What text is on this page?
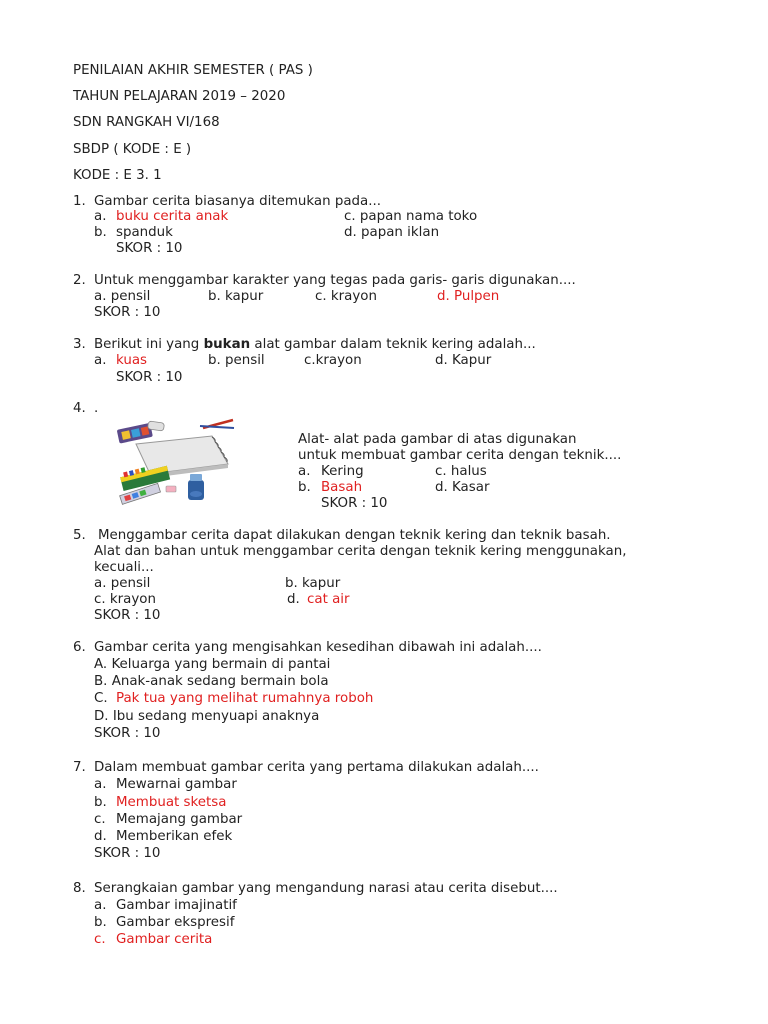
PENILAIAN AKHIR SEMESTER ( PAS )
TAHUN PELAJARAN 2019 – 2020
SDN RANGKAH VI/168
SBDP ( KODE : E )
KODE : E 3. 1
1. Gambar cerita biasanya ditemukan pada...
a. buku cerita anak	c. papan nama toko
b. spanduk	d. papan iklan
SKOR : 10
2. Untuk menggambar karakter yang tegas pada garis- garis digunakan....
a. pensil	b. kapur	c. krayon	d. Pulpen
SKOR : 10
3. Berikut ini yang bukan alat gambar dalam teknik kering adalah...
a. kuas	b. pensil	c.krayon	d. Kapur
SKOR : 10
4. .
Alat- alat pada gambar di atas digunakan
untuk membuat gambar cerita dengan teknik....
a. Kering	c. halus
b. Basah	d. Kasar
SKOR : 10
5. Menggambar cerita dapat dilakukan dengan teknik kering dan teknik basah.
Alat dan bahan untuk menggambar cerita dengan teknik kering menggunakan,
kecuali...
a. pensil	b. kapur
c. krayon	d. cat air
SKOR : 10
6. Gambar cerita yang mengisahkan kesedihan dibawah ini adalah....
A. Keluarga yang bermain di pantai
B. Anak-anak sedang bermain bola
C. Pak tua yang melihat rumahnya roboh
D. Ibu sedang menyuapi anaknya
SKOR : 10
7. Dalam membuat gambar cerita yang pertama dilakukan adalah....
a. Mewarnai gambar
b. Membuat sketsa
c. Memajang gambar
d. Memberikan efek
SKOR : 10
8. Serangkaian gambar yang mengandung narasi atau cerita disebut....
a. Gambar imajinatif
b. Gambar ekspresif
c. Gambar cerita
